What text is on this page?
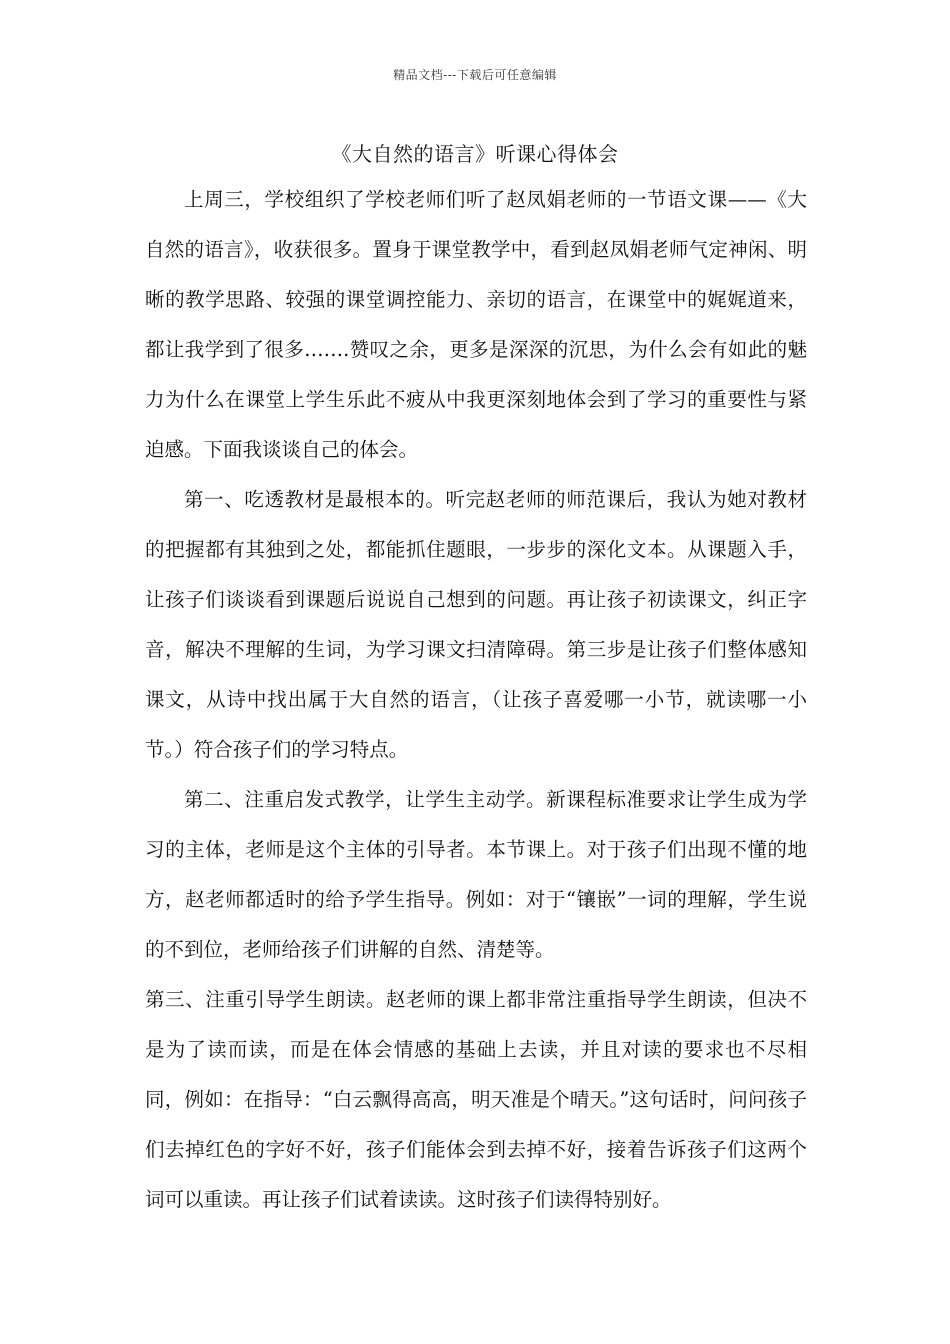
精品文档---下载后可任意编辑
《大自然的语言》听课心得体会

上周三，学校组织了学校老师们听了赵凤娟老师的一节语文课——《大自然的语言》，收获很多。置身于课堂教学中，看到赵凤娟老师气定神闲、明晰的教学思路、较强的课堂调控能力、亲切的语言，在课堂中的娓娓道来，都让我学到了很多…….赞叹之余，更多是深深的沉思，为什么会有如此的魅力为什么在课堂上学生乐此不疲从中我更深刻地体会到了学习的重要性与紧迫感。下面我谈谈自己的体会。

第一、吃透教材是最根本的。听完赵老师的师范课后，我认为她对教材的把握都有其独到之处，都能抓住题眼，一步步的深化文本。从课题入手，让孩子们谈谈看到课题后说说自己想到的问题。再让孩子初读课文，纠正字音，解决不理解的生词，为学习课文扫清障碍。第三步是让孩子们整体感知课文，从诗中找出属于大自然的语言，（让孩子喜爱哪一小节，就读哪一小节。）符合孩子们的学习特点。

第二、注重启发式教学，让学生主动学。新课程标准要求让学生成为学习的主体，老师是这个主体的引导者。本节课上。对于孩子们出现不懂的地方，赵老师都适时的给予学生指导。例如：对于“镶嵌”一词的理解，学生说的不到位，老师给孩子们讲解的自然、清楚等。

第三、注重引导学生朗读。赵老师的课上都非常注重指导学生朗读，但决不是为了读而读，而是在体会情感的基础上去读，并且对读的要求也不尽相同，例如：在指导：“白云飘得高高，明天准是个晴天。”这句话时，问问孩子们去掉红色的字好不好，孩子们能体会到去掉不好，接着告诉孩子们这两个词可以重读。再让孩子们试着读读。这时孩子们读得特别好。
